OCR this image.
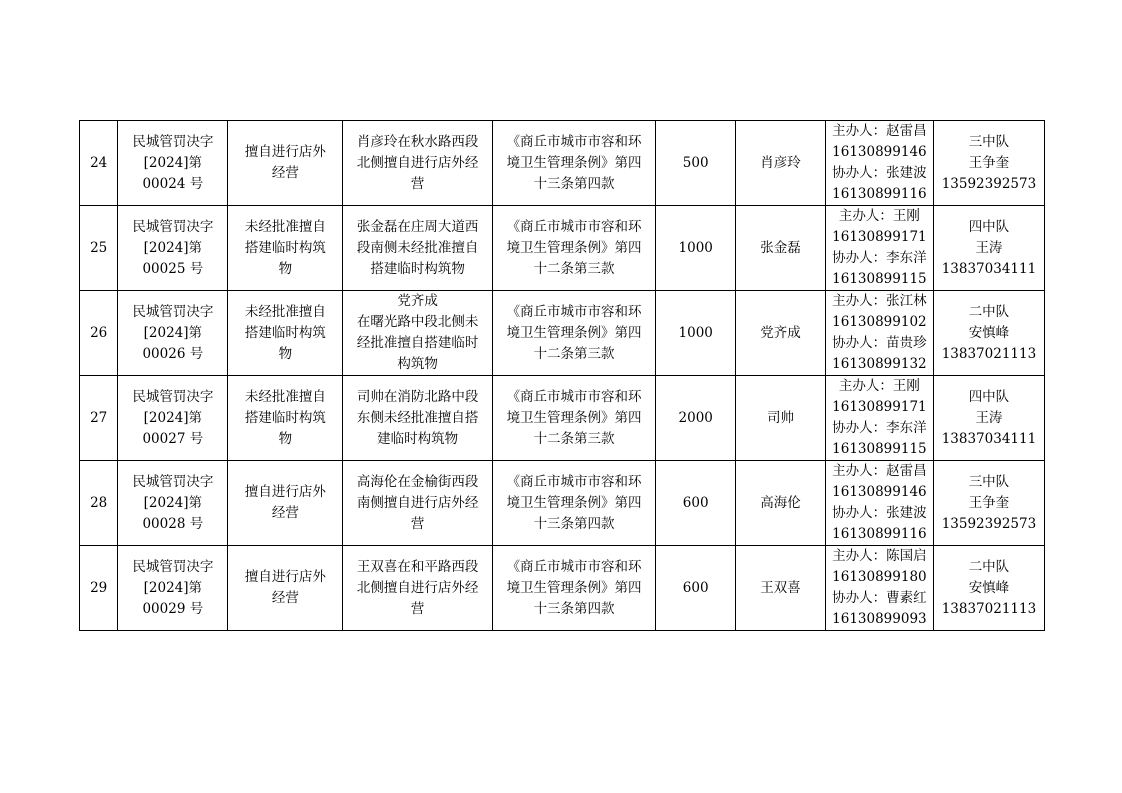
24	民城管罚决字
[2024]第
00024 号	擅自进行店外
经营	肖彦玲在秋水路西段
北侧擅自进行店外经
营	《商丘市城市市容和环
境卫生管理条例》第四
十三条第四款	500	肖彦玲	主办人：赵雷昌
16130899146
协办人：张建波
16130899116	三中队
王争奎
13592392573

25	民城管罚决字
[2024]第
00025 号	未经批准擅自
搭建临时构筑
物	张金磊在庄周大道西
段南侧未经批准擅自
搭建临时构筑物	《商丘市城市市容和环
境卫生管理条例》第四
十二条第三款	1000	张金磊	主办人：王刚
16130899171
协办人：李东洋
16130899115	四中队
王涛
13837034111

26	民城管罚决字
[2024]第
00026 号	未经批准擅自
搭建临时构筑
物	党齐成
在曙光路中段北侧未
经批准擅自搭建临时
构筑物	《商丘市城市市容和环
境卫生管理条例》第四
十二条第三款	1000	党齐成	主办人：张江林
16130899102
协办人：苗贵珍
16130899132	二中队
安慎峰
13837021113

27	民城管罚决字
[2024]第
00027 号	未经批准擅自
搭建临时构筑
物	司帅在消防北路中段
东侧未经批准擅自搭
建临时构筑物	《商丘市城市市容和环
境卫生管理条例》第四
十二条第三款	2000	司帅	主办人：王刚
16130899171
协办人：李东洋
16130899115	四中队
王涛
13837034111

28	民城管罚决字
[2024]第
00028 号	擅自进行店外
经营	高海伦在金榆街西段
南侧擅自进行店外经
营	《商丘市城市市容和环
境卫生管理条例》第四
十三条第四款	600	高海伦	主办人：赵雷昌
16130899146
协办人：张建波
16130899116	三中队
王争奎
13592392573

29	民城管罚决字
[2024]第
00029 号	擅自进行店外
经营	王双喜在和平路西段
北侧擅自进行店外经
营	《商丘市城市市容和环
境卫生管理条例》第四
十三条第四款	600	王双喜	主办人：陈国启
16130899180
协办人：曹素红
16130899093	二中队
安慎峰
13837021113
